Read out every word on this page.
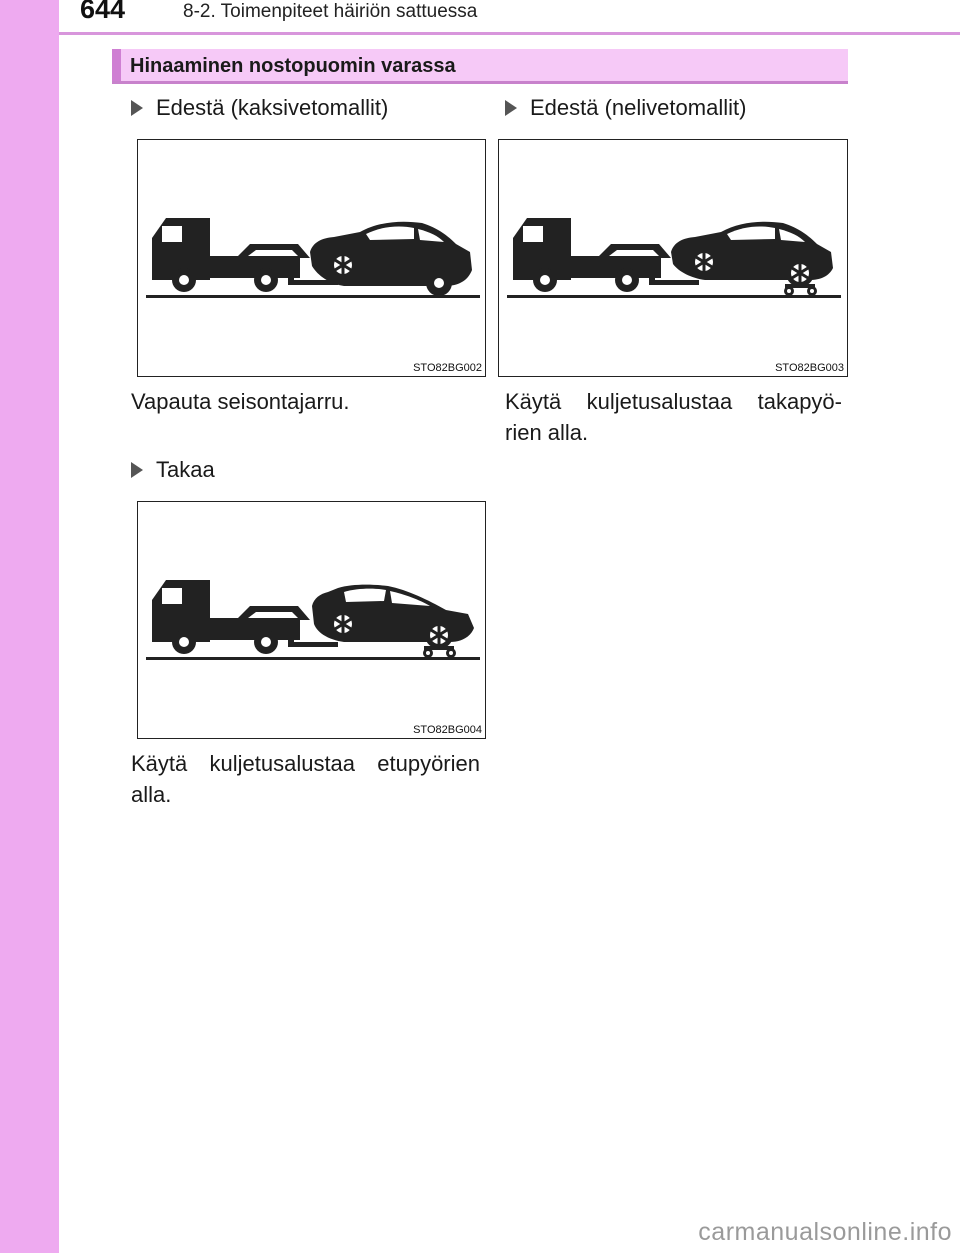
644	8-2. Toimenpiteet häiriön sattuessa
Hinaaminen nostopuomin varassa
Edestä (kaksivetomallit)
STO82BG002
Vapauta seisontajarru.
Edestä (nelivetomallit)
STO82BG003
Käytä kuljetusalustaa takapyö-
rien alla.
Takaa
STO82BG004
Käytä kuljetusalustaa etupyörien
alla.
carmanualsonline.info
